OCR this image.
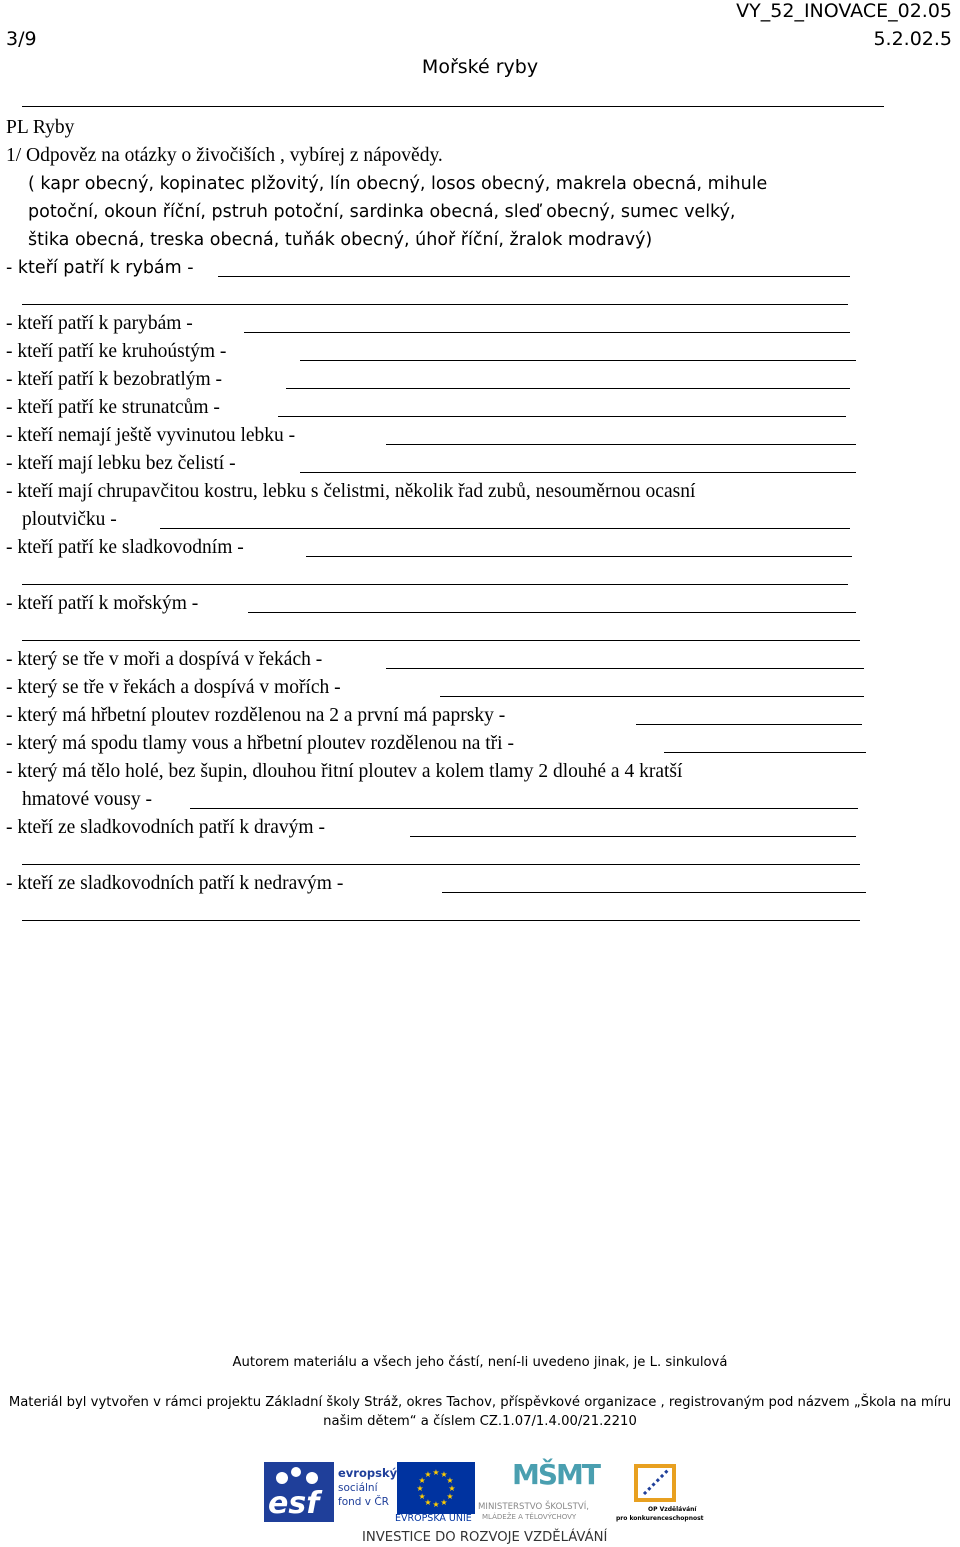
VY_52_INOVACE_02.05
3/9	5.2.02.5
Mořské ryby
PL Ryby
1/ Odpověz na otázky o živočiších , vybírej z nápovědy.
( kapr obecný, kopinatec plžovitý, lín obecný, losos obecný, makrela obecná, mihule
potoční, okoun říční, pstruh potoční, sardinka obecná, sleď obecný, sumec velký,
štika obecná, treska obecná, tuňák obecný, úhoř říční, žralok modravý)
- kteří patří k rybám -
- kteří patří k parybám -
- kteří patří ke kruhoústým -
- kteří patří k bezobratlým -
- kteří patří ke strunatcům -
- kteří nemají ještě vyvinutou lebku -
- kteří mají lebku bez čelistí -
- kteří mají chrupavčitou kostru, lebku s čelistmi, několik řad zubů, nesouměrnou ocasní
ploutvičku -
- kteří patří ke sladkovodním -
- kteří patří k mořským -
- který se tře v moři a dospívá v řekách -
- který se tře v řekách a dospívá v mořích -
- který má hřbetní ploutev rozdělenou na 2 a první má paprsky -
- který má spodu tlamy vous a hřbetní ploutev rozdělenou na tři -
- který má tělo holé, bez šupin, dlouhou řitní ploutev a kolem tlamy 2 dlouhé a 4 kratší
hmatové vousy -
- kteří ze sladkovodních patří k dravým -
- kteří ze sladkovodních patří k nedravým -
Autorem materiálu a všech jeho částí, není-li uvedeno jinak, je L. sinkulová
Materiál byl vytvořen v rámci projektu Základní školy Stráž, okres Tachov, příspěvkové organizace , registrovaným pod názvem „Škola na míru
našim dětem“ a číslem CZ.1.07/1.4.00/21.2210
esf
evropský
sociální
fond v ČR
★
★
★
★
★
★
★
★
★ ★ ★
★
EVROPSKÁ UNIE
MŠMT
MINISTERSTVO ŠKOLSTVÍ,
MLÁDEŽE A TĚLOVÝCHOVY
OP Vzdělávání
pro konkurenceschopnost
INVESTICE DO ROZVOJE VZDĚLÁVÁNÍ
